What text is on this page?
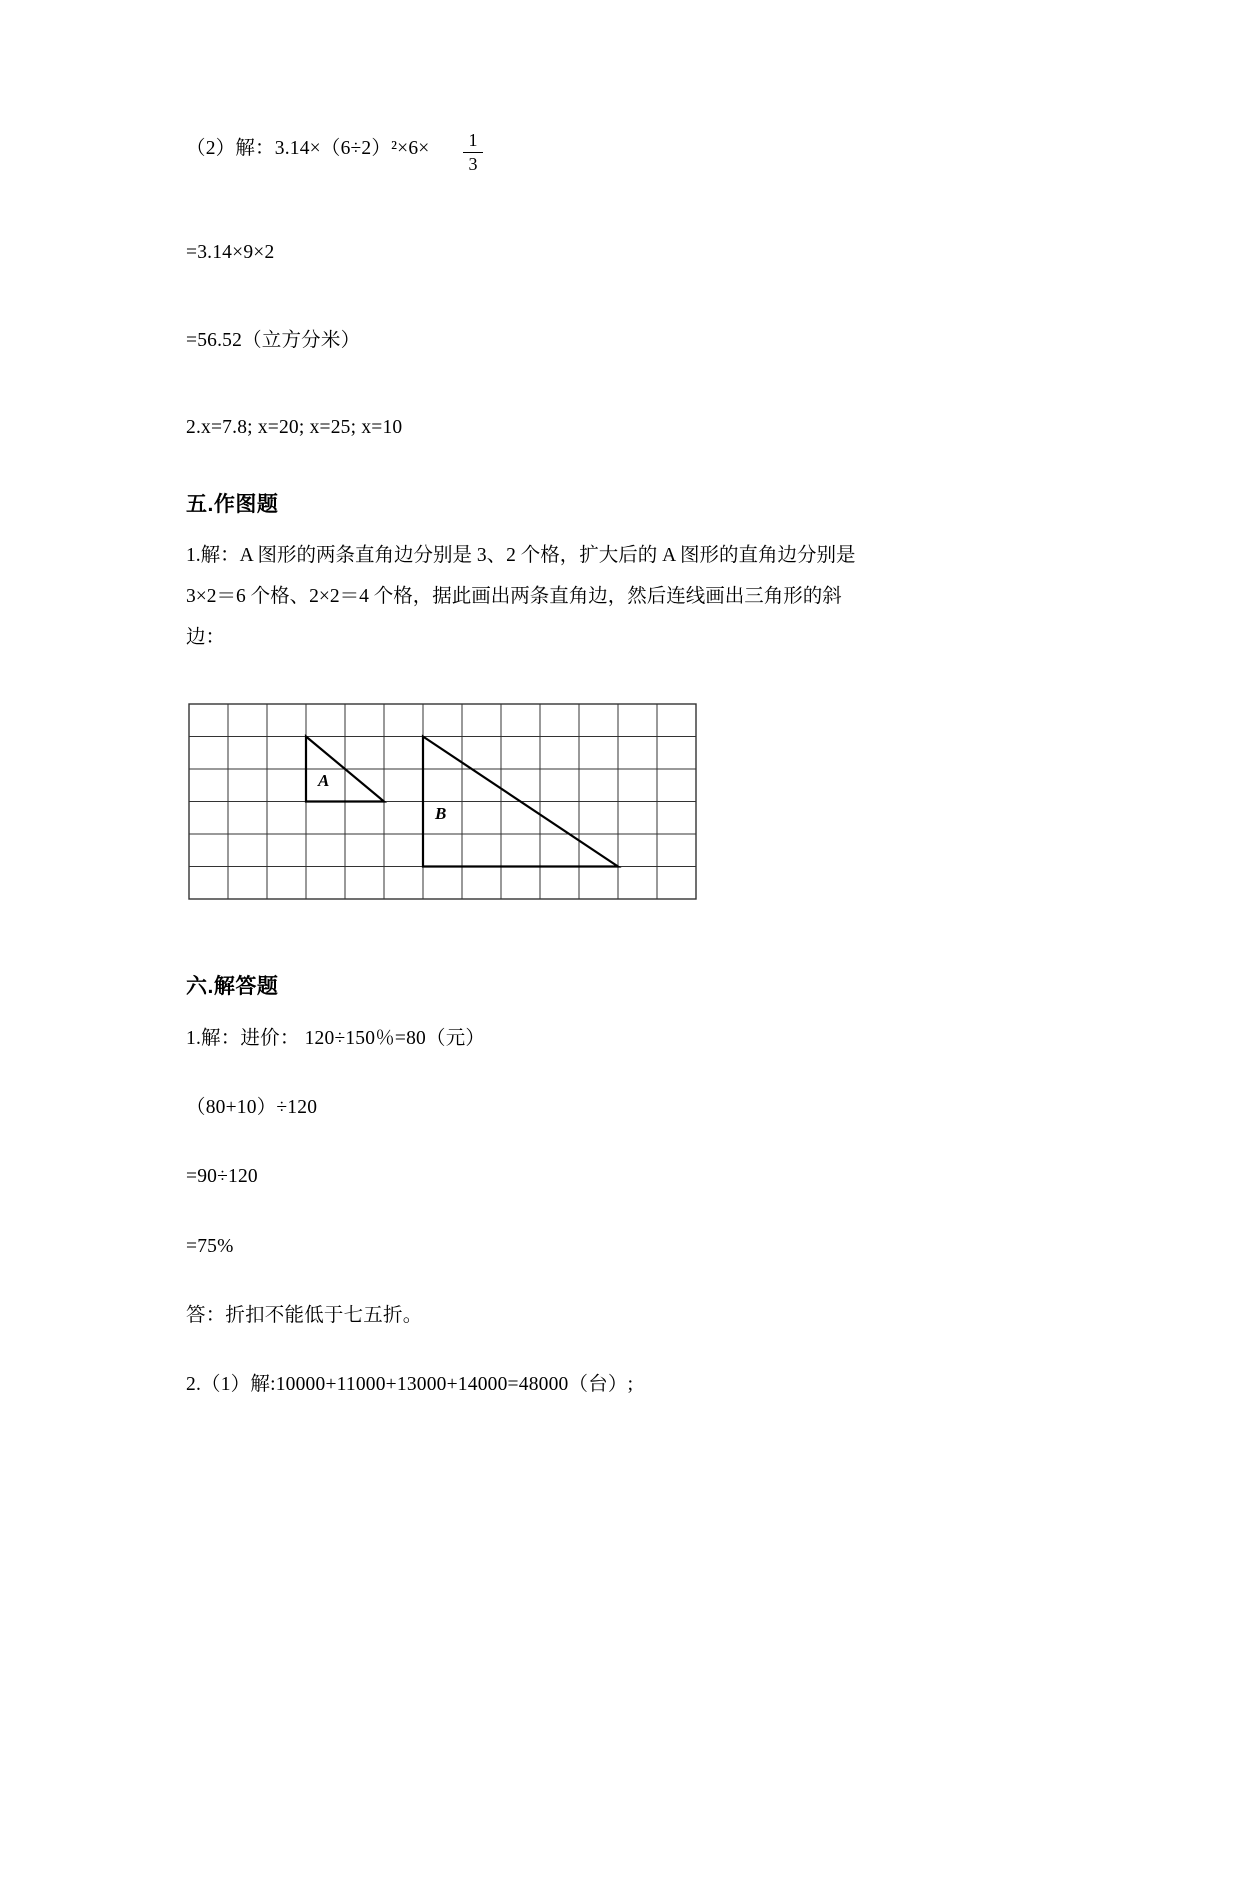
（2）解：$3.14\times(6\div 2)^2\times 6\times \frac{1}{3}$
=3.14×9×2
=56.52（立方分米）
2.x=7.8; x=20; x=25; x=10
五.作图题
1.解：A 图形的两条直角边分别是 3、2 个格，扩大后的 A 图形的直角边分别是
3×2＝6 个格、2×2＝4 个格，据此画出两条直角边，然后连线画出三角形的斜
边：
A
B
六.解答题
1.解：进价： 120÷150％=80（元）
（80+10）÷120
=90÷120
=75%
答：折扣不能低于七五折。
2.（1）解:10000+11000+13000+14000=48000（台）;
